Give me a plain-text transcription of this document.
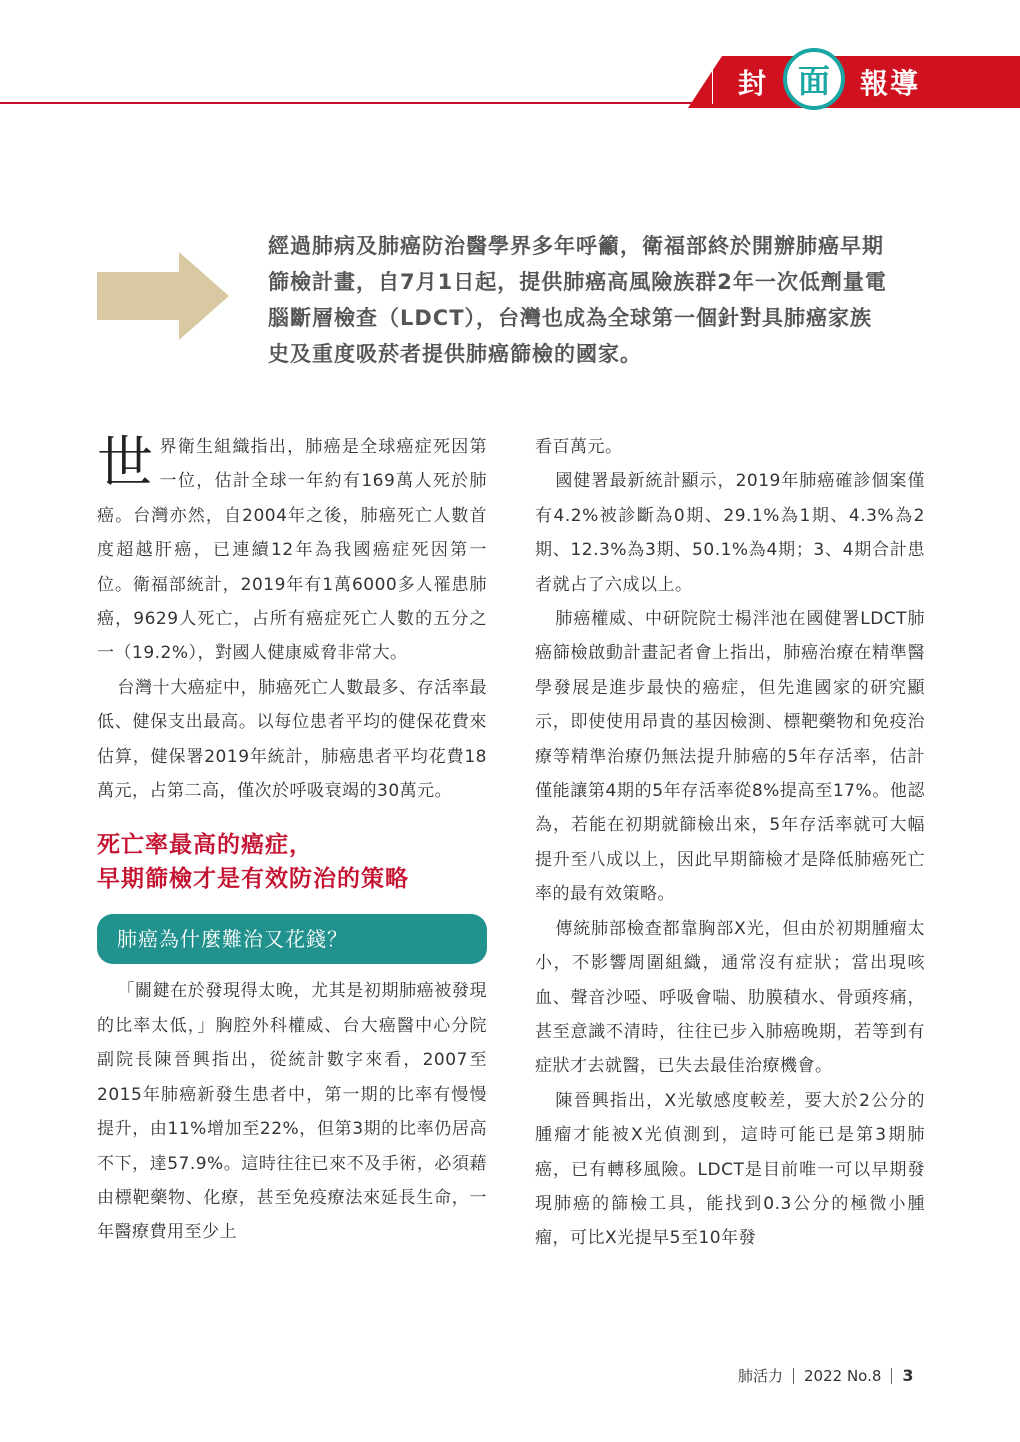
封 面 報導

經過肺病及肺癌防治醫學界多年呼籲，衛福部終於開辦肺癌早期篩檢計畫，自7月1日起，提供肺癌高風險族群2年一次低劑量電腦斷層檢查（LDCT），台灣也成為全球第一個針對具肺癌家族史及重度吸菸者提供肺癌篩檢的國家。

世界衛生組織指出，肺癌是全球癌症死因第一位，估計全球一年約有169萬人死於肺癌。台灣亦然，自2004年之後，肺癌死亡人數首度超越肝癌，已連續12年為我國癌症死因第一位。衛福部統計，2019年有1萬6000多人罹患肺癌，9629人死亡，占所有癌症死亡人數的五分之一（19.2%），對國人健康威脅非常大。

台灣十大癌症中，肺癌死亡人數最多、存活率最低、健保支出最高。以每位患者平均的健保花費來估算，健保署2019年統計，肺癌患者平均花費18萬元，占第二高，僅次於呼吸衰竭的30萬元。

死亡率最高的癌症，
早期篩檢才是有效防治的策略

肺癌為什麼難治又花錢？

「關鍵在於發現得太晚，尤其是初期肺癌被發現的比率太低，」胸腔外科權威、台大癌醫中心分院副院長陳晉興指出，從統計數字來看，2007至2015年肺癌新發生患者中，第一期的比率有慢慢提升，由11%增加至22%，但第3期的比率仍居高不下，達57.9%。這時往往已來不及手術，必須藉由標靶藥物、化療，甚至免疫療法來延長生命，一年醫療費用至少上

看百萬元。

國健署最新統計顯示，2019年肺癌確診個案僅有4.2%被診斷為0期、29.1%為1期、4.3%為2期、12.3%為3期、50.1%為4期；3、4期合計患者就占了六成以上。

肺癌權威、中研院院士楊泮池在國健署LDCT肺癌篩檢啟動計畫記者會上指出，肺癌治療在精準醫學發展是進步最快的癌症，但先進國家的研究顯示，即使使用昂貴的基因檢測、標靶藥物和免疫治療等精準治療仍無法提升肺癌的5年存活率，估計僅能讓第4期的5年存活率從8%提高至17%。他認為，若能在初期就篩檢出來，5年存活率就可大幅提升至八成以上，因此早期篩檢才是降低肺癌死亡率的最有效策略。

傳統肺部檢查都靠胸部X光，但由於初期腫瘤太小，不影響周圍組織，通常沒有症狀；當出現咳血、聲音沙啞、呼吸會喘、肋膜積水、骨頭疼痛，甚至意識不清時，往往已步入肺癌晚期，若等到有症狀才去就醫，已失去最佳治療機會。

陳晉興指出，X光敏感度較差，要大於2公分的腫瘤才能被X光偵測到，這時可能已是第3期肺癌，已有轉移風險。LDCT是目前唯一可以早期發現肺癌的篩檢工具，能找到0.3公分的極微小腫瘤，可比X光提早5至10年發

肺活力 2022 No.8 3
